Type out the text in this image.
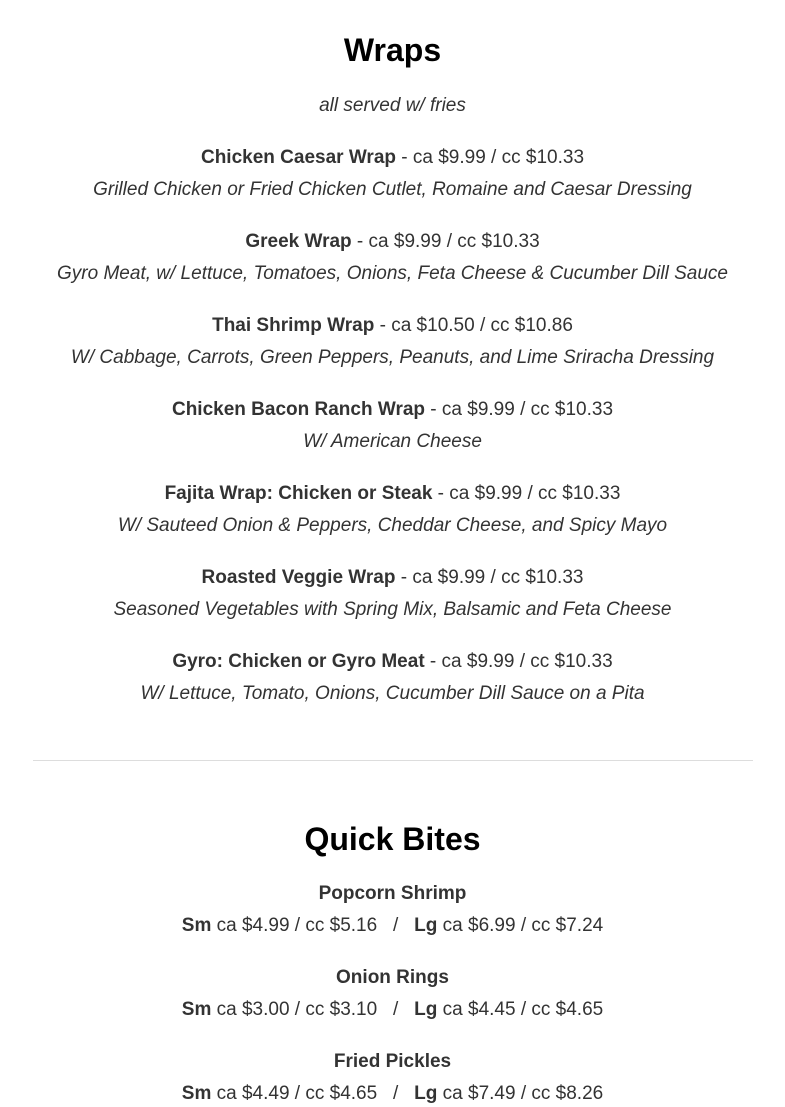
Wraps
all served w/ fries
Chicken Caesar Wrap - ca $9.99 / cc $10.33
Grilled Chicken or Fried Chicken Cutlet, Romaine and Caesar Dressing
Greek Wrap - ca $9.99 / cc $10.33
Gyro Meat, w/ Lettuce, Tomatoes, Onions, Feta Cheese & Cucumber Dill Sauce
Thai Shrimp Wrap - ca $10.50 / cc $10.86
W/ Cabbage, Carrots, Green Peppers, Peanuts, and Lime Sriracha Dressing
Chicken Bacon Ranch Wrap - ca $9.99 / cc $10.33
W/ American Cheese
Fajita Wrap: Chicken or Steak - ca $9.99 / cc $10.33
W/ Sauteed Onion & Peppers, Cheddar Cheese, and Spicy Mayo
Roasted Veggie Wrap - ca $9.99 / cc $10.33
Seasoned Vegetables with Spring Mix, Balsamic and Feta Cheese
Gyro: Chicken or Gyro Meat - ca $9.99 / cc $10.33
W/ Lettuce, Tomato, Onions, Cucumber Dill Sauce on a Pita
Quick Bites
Popcorn Shrimp
Sm ca $4.99 / cc $5.16   /   Lg ca $6.99 / cc $7.24
Onion Rings
Sm ca $3.00 / cc $3.10   /   Lg ca $4.45 / cc $4.65
Fried Pickles
Sm ca $4.49 / cc $4.65   /   Lg ca $7.49 / cc $8.26
